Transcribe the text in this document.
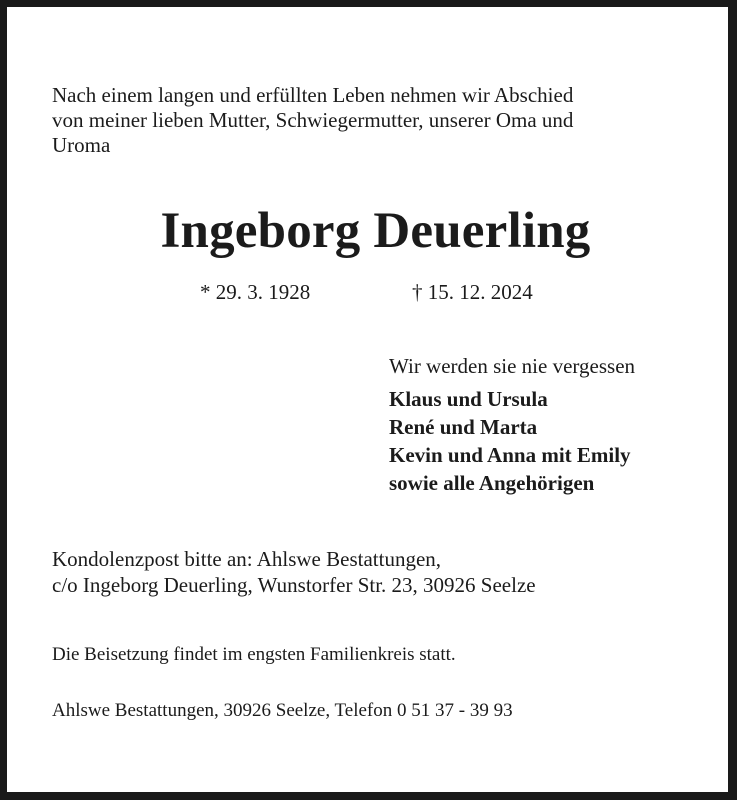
Nach einem langen und erfüllten Leben nehmen wir Abschied
von meiner lieben Mutter, Schwiegermutter, unserer Oma und
Uroma
Ingeborg Deuerling
* 29. 3. 1928	† 15. 12. 2024
Wir werden sie nie vergessen
Klaus und Ursula
René und Marta
Kevin und Anna mit Emily
sowie alle Angehörigen
Kondolenzpost bitte an: Ahlswe Bestattungen,
c/o Ingeborg Deuerling, Wunstorfer Str. 23, 30926 Seelze
Die Beisetzung findet im engsten Familienkreis statt.
Ahlswe Bestattungen, 30926 Seelze, Telefon 0 51 37 - 39 93
